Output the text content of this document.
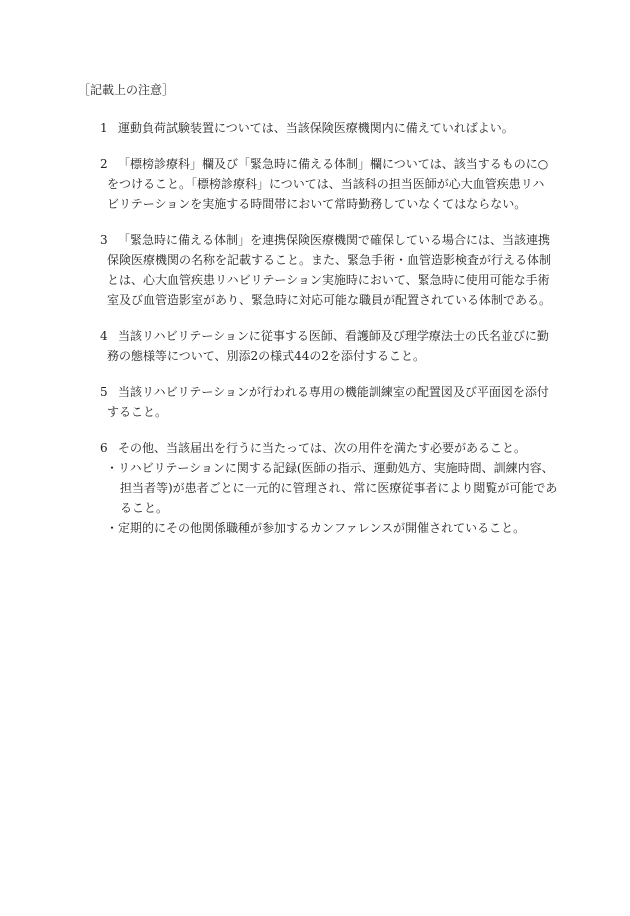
［記載上の注意］
1 運動負荷試験装置については、当該保険医療機関内に備えていればよい。
2 「標榜診療科」欄及び「緊急時に備える体制」欄については、該当するものに○
をつけること。「標榜診療科」については、当該科の担当医師が心大血管疾患リハ
ビリテーションを実施する時間帯において常時勤務していなくてはならない。
3 「緊急時に備える体制」を連携保険医療機関で確保している場合には、当該連携
保険医療機関の名称を記載すること。また、緊急手術・血管造影検査が行える体制
とは、心大血管疾患リハビリテーション実施時において、緊急時に使用可能な手術
室及び血管造影室があり、緊急時に対応可能な職員が配置されている体制である。
4 当該リハビリテーションに従事する医師、看護師及び理学療法士の氏名並びに勤
務の態様等について、別添2の様式44の2を添付すること。
5 当該リハビリテーションが行われる専用の機能訓練室の配置図及び平面図を添付
すること。
6 その他、当該届出を行うに当たっては、次の用件を満たす必要があること。
・リハビリテーションに関する記録(医師の指示、運動処方、実施時間、訓練内容、
担当者等)が患者ごとに一元的に管理され、常に医療従事者により閲覧が可能であ
ること。
・定期的にその他関係職種が参加するカンファレンスが開催されていること。
